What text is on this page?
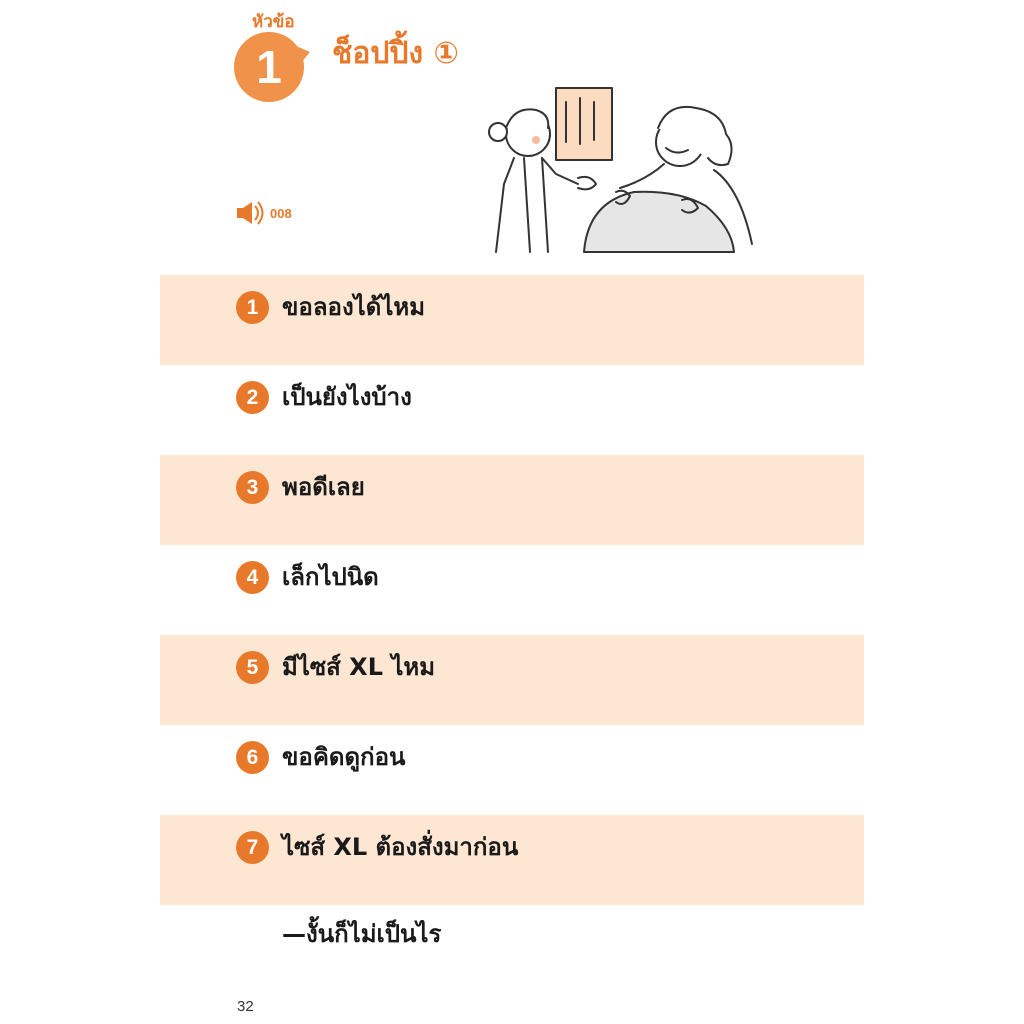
หัวข้อ
1	ช็อปปิ้ง ①
008
1 ขอลองได้ไหม
2 เป็นยังไงบ้าง
3 พอดีเลย
4 เล็กไปนิด
5 มีไซส์ XL ไหม
6 ขอคิดดูก่อน
7 ไซส์ XL ต้องสั่งมาก่อน
—งั้นก็ไม่เป็นไร
32
